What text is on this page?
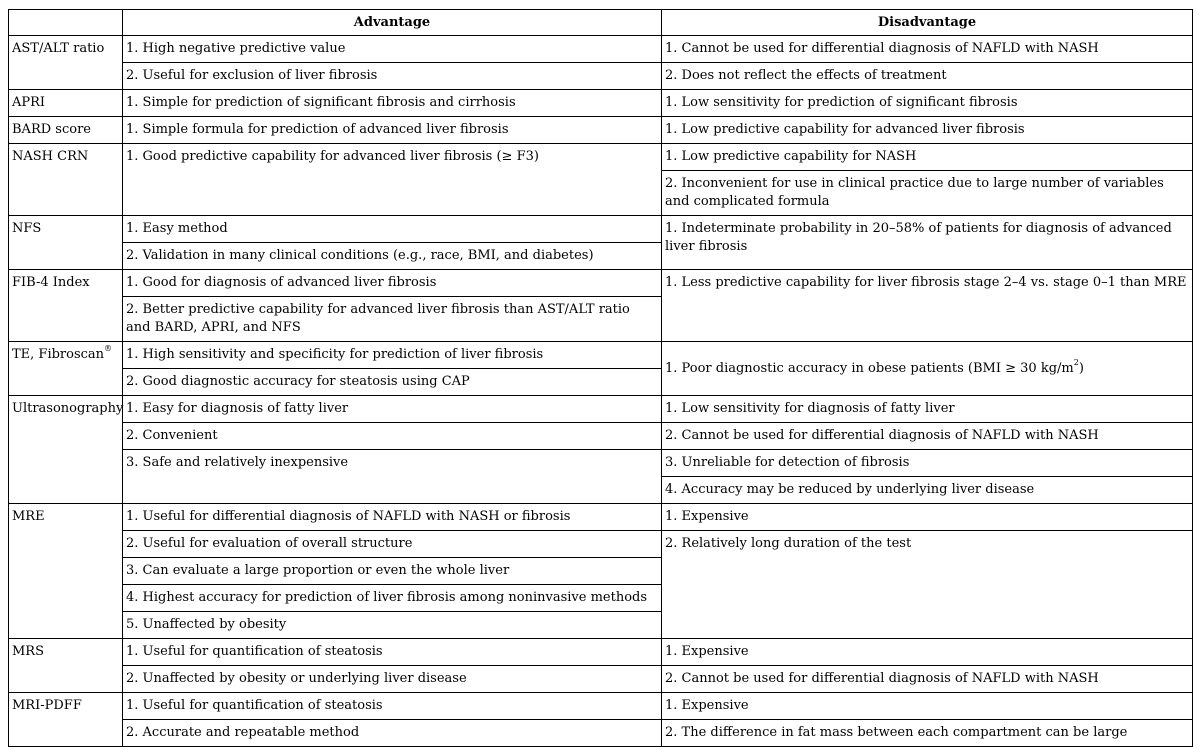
	Advantage	Disadvantage
AST/ALT ratio	1. High negative predictive value	1. Cannot be used for differential diagnosis of NAFLD with NASH
	2. Useful for exclusion of liver fibrosis	2. Does not reflect the effects of treatment
APRI	1. Simple for prediction of significant fibrosis and cirrhosis	1. Low sensitivity for prediction of significant fibrosis
BARD score	1. Simple formula for prediction of advanced liver fibrosis	1. Low predictive capability for advanced liver fibrosis
NASH CRN	1. Good predictive capability for advanced liver fibrosis (≥ F3)	1. Low predictive capability for NASH
		2. Inconvenient for use in clinical practice due to large number of variables and complicated formula
NFS	1. Easy method	1. Indeterminate probability in 20–58% of patients for diagnosis of advanced liver fibrosis
	2. Validation in many clinical conditions (e.g., race, BMI, and diabetes)	
FIB-4 Index	1. Good for diagnosis of advanced liver fibrosis	1. Less predictive capability for liver fibrosis stage 2–4 vs. stage 0–1 than MRE
	2. Better predictive capability for advanced liver fibrosis than AST/ALT ratio and BARD, APRI, and NFS	
TE, Fibroscan®	1. High sensitivity and specificity for prediction of liver fibrosis	1. Poor diagnostic accuracy in obese patients (BMI ≥ 30 $kg/m^2$)
	2. Good diagnostic accuracy for steatosis using CAP	
Ultrasonography	1. Easy for diagnosis of fatty liver	1. Low sensitivity for diagnosis of fatty liver
	2. Convenient	2. Cannot be used for differential diagnosis of NAFLD with NASH
	3. Safe and relatively inexpensive	3. Unreliable for detection of fibrosis
		4. Accuracy may be reduced by underlying liver disease
MRE	1. Useful for differential diagnosis of NAFLD with NASH or fibrosis	1. Expensive
	2. Useful for evaluation of overall structure	2. Relatively long duration of the test
	3. Can evaluate a large proportion or even the whole liver	
	4. Highest accuracy for prediction of liver fibrosis among noninvasive methods	
	5. Unaffected by obesity	
MRS	1. Useful for quantification of steatosis	1. Expensive
	2. Unaffected by obesity or underlying liver disease	2. Cannot be used for differential diagnosis of NAFLD with NASH
MRI-PDFF	1. Useful for quantification of steatosis	1. Expensive
	2. Accurate and repeatable method	2. The difference in fat mass between each compartment can be large
